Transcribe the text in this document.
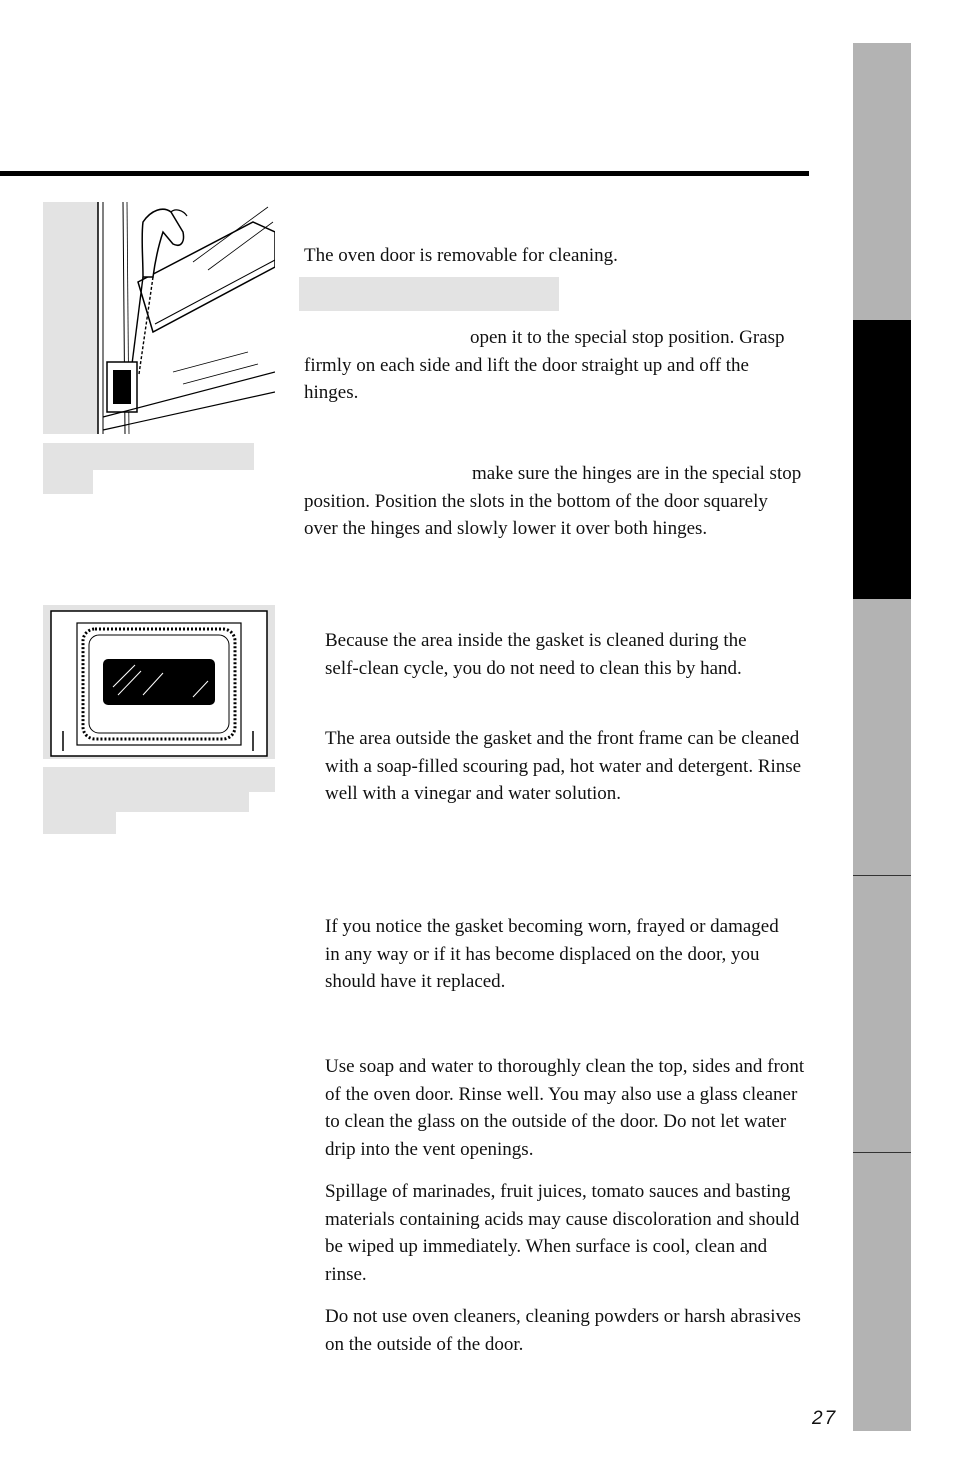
The oven door is removable for cleaning.

open it to the special stop position. Grasp firmly on each side and lift the door straight up and off the hinges.

make sure the hinges are in the special stop position. Position the slots in the bottom of the door squarely over the hinges and slowly lower it over both hinges.

Because the area inside the gasket is cleaned during the self-clean cycle, you do not need to clean this by hand.

The area outside the gasket and the front frame can be cleaned with a soap-filled scouring pad, hot water and detergent. Rinse well with a vinegar and water solution.

If you notice the gasket becoming worn, frayed or damaged in any way or if it has become displaced on the door, you should have it replaced.

Use soap and water to thoroughly clean the top, sides and front of the oven door. Rinse well. You may also use a glass cleaner to clean the glass on the outside of the door. Do not let water drip into the vent openings.

Spillage of marinades, fruit juices, tomato sauces and basting materials containing acids may cause discoloration and should be wiped up immediately. When surface is cool, clean and rinse.

Do not use oven cleaners, cleaning powders or harsh abrasives on the outside of the door.

27
